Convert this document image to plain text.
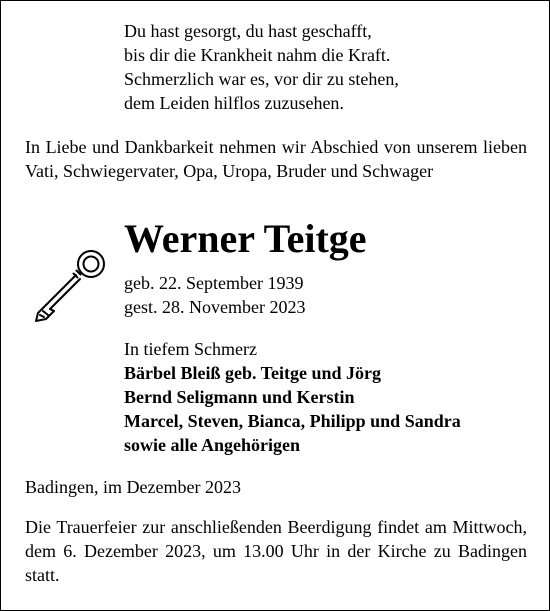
Du hast gesorgt, du hast geschafft,
bis dir die Krankheit nahm die Kraft.
Schmerzlich war es, vor dir zu stehen,
dem Leiden hilflos zuzusehen.
In Liebe und Dankbarkeit nehmen wir Abschied von unserem lieben Vati, Schwiegervater, Opa, Uropa, Bruder und Schwager
Werner Teitge
geb. 22. September 1939
gest. 28. November 2023
In tiefem Schmerz
Bärbel Bleiß geb. Teitge und Jörg
Bernd Seligmann und Kerstin
Marcel, Steven, Bianca, Philipp und Sandra
sowie alle Angehörigen
Badingen, im Dezember 2023
Die Trauerfeier zur anschließenden Beerdigung findet am Mittwoch, dem 6. Dezember 2023, um 13.00 Uhr in der Kirche zu Badingen statt.
